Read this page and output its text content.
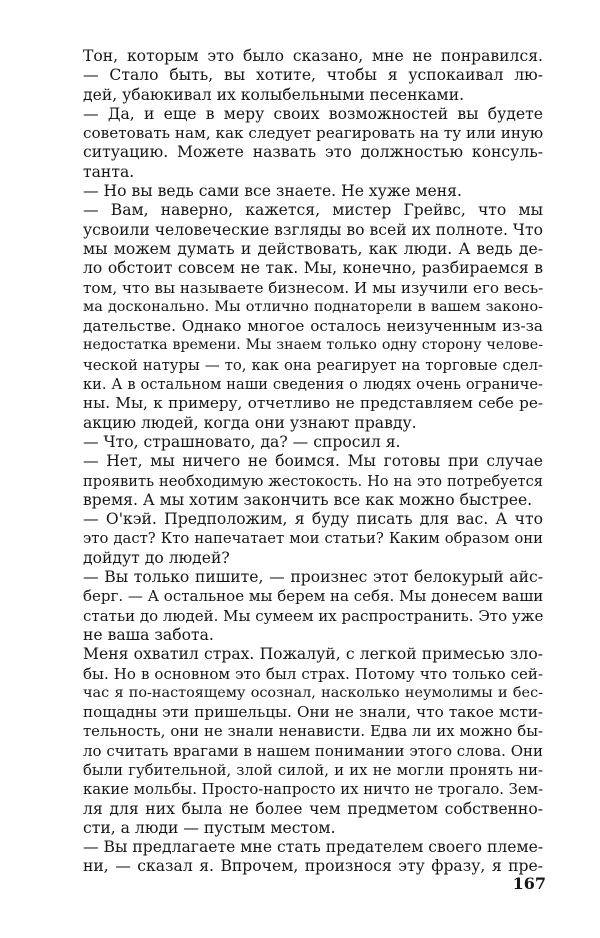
Тон, которым это было сказано, мне не понравился.
— Стало быть, вы хотите, чтобы я успокаивал лю-
дей, убаюкивал их колыбельными песенками.
— Да, и еще в меру своих возможностей вы будете
советовать нам, как следует реагировать на ту или иную
ситуацию. Можете назвать это должностью консуль-
танта.
— Но вы ведь сами все знаете. Не хуже меня.
— Вам, наверно, кажется, мистер Грейвс, что мы
усвоили человеческие взгляды во всей их полноте. Что
мы можем думать и действовать, как люди. А ведь де-
ло обстоит совсем не так. Мы, конечно, разбираемся в
том, что вы называете бизнесом. И мы изучили его весь-
ма досконально. Мы отлично поднаторели в вашем законо-
дательстве. Однако многое осталось неизученным из-за
недостатка времени. Мы знаем только одну сторону челове-
ческой натуры — то, как она реагирует на торговые сдел-
ки. А в остальном наши сведения о людях очень ограниче-
ны. Мы, к примеру, отчетливо не представляем себе ре-
акцию людей, когда они узнают правду.
— Что, страшновато, да? — спросил я.
— Нет, мы ничего не боимся. Мы готовы при случае
проявить необходимую жестокость. Но на это потребуется
время. А мы хотим закончить все как можно быстрее.
— О'кэй. Предположим, я буду писать для вас. А что
это даст? Кто напечатает мои статьи? Каким образом они
дойдут до людей?
— Вы только пишите, — произнес этот белокурый айс-
берг. — А остальное мы берем на себя. Мы донесем ваши
статьи до людей. Мы сумеем их распространить. Это уже
не ваша забота.
Меня охватил страх. Пожалуй, с легкой примесью зло-
бы. Но в основном это был страх. Потому что только сей-
час я по-настоящему осознал, насколько неумолимы и бес-
пощадны эти пришельцы. Они не знали, что такое мсти-
тельность, они не знали ненависти. Едва ли их можно бы-
ло считать врагами в нашем понимании этого слова. Они
были губительной, злой силой, и их не могли пронять ни-
какие мольбы. Просто-напросто их ничто не трогало. Зем-
ля для них была не более чем предметом собственно-
сти, а люди — пустым местом.
— Вы предлагаете мне стать предателем своего племе-
ни, — сказал я. Впрочем, произнося эту фразу, я пре-
167
